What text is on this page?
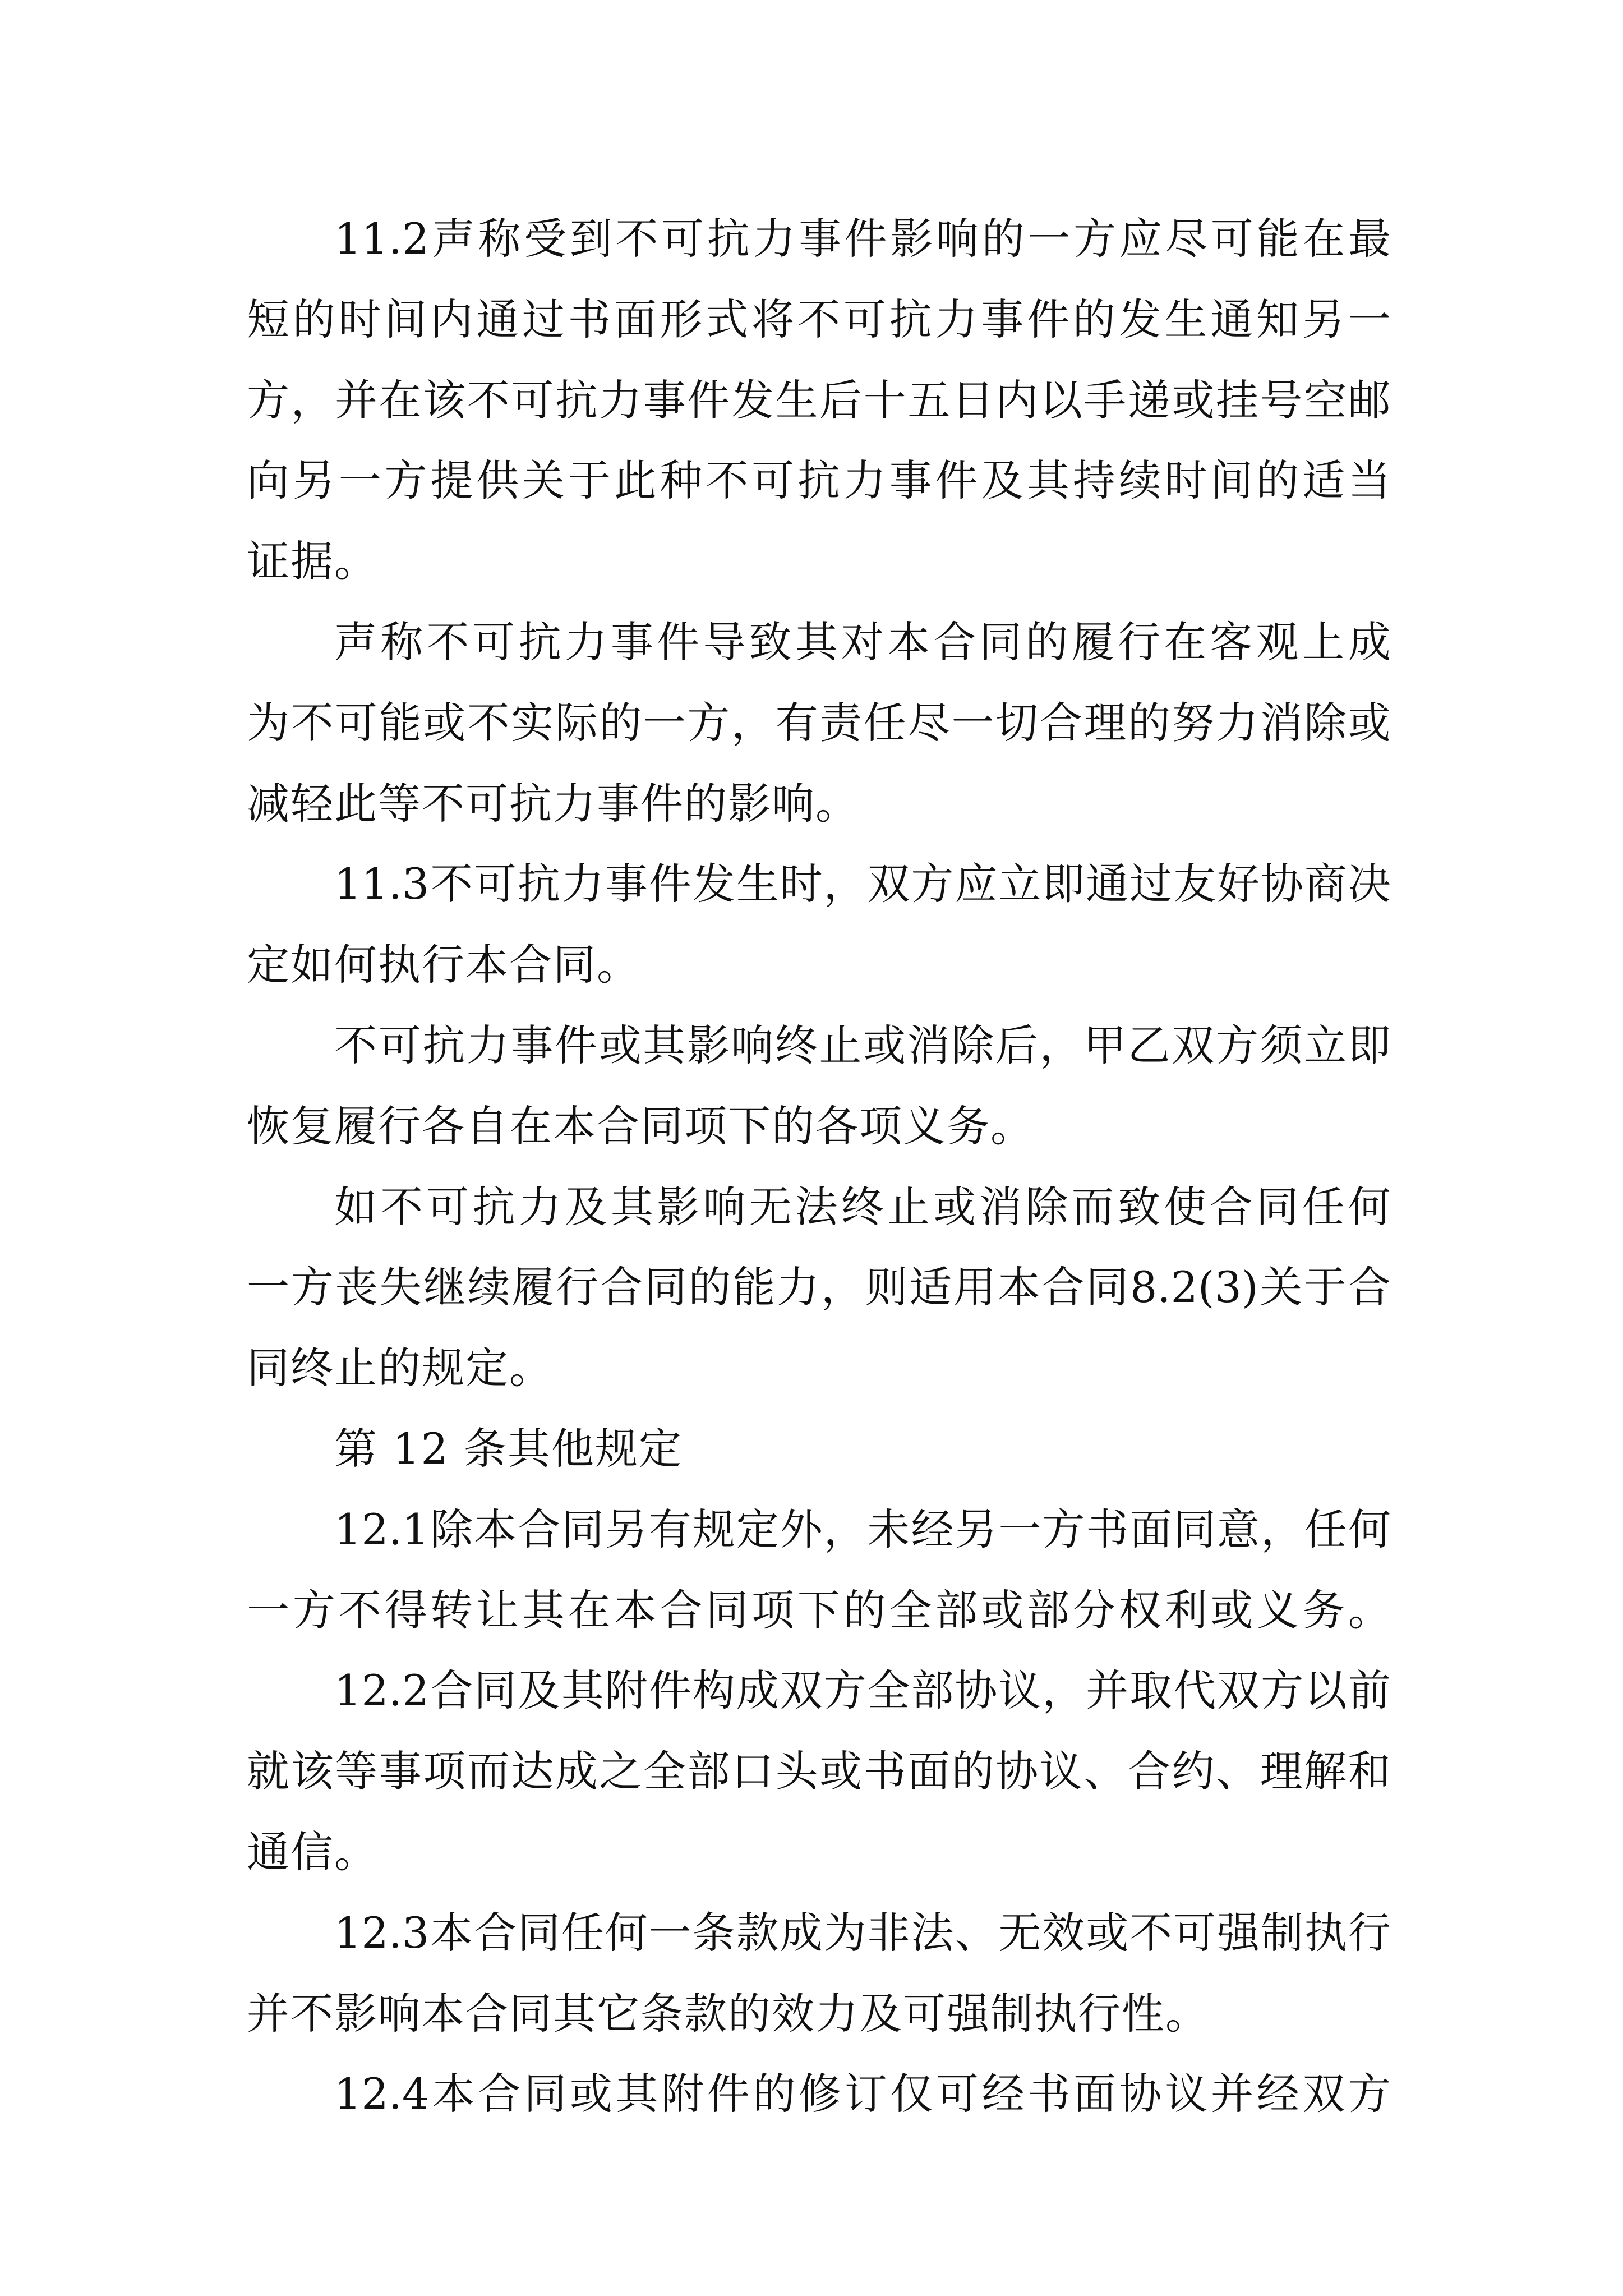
11.2 声 称 受 到 不 可 抗 力 事 件 影 响 的 一 方 应 尽 可 能 在 最
短 的 时 间 内 通 过 书 面 形 式 将 不 可 抗 力 事 件 的 发 生 通 知 另 一
方 ， 并 在 该 不 可 抗 力 事 件 发 生 后 十 五 日 内 以 手 递 或 挂 号 空 邮
向 另 一 方 提 供 关 于 此 种 不 可 抗 力 事 件 及 其 持 续 时 间 的 适 当
证据。
声 称 不 可 抗 力 事 件 导 致 其 对 本 合 同 的 履 行 在 客 观 上 成
为 不 可 能 或 不 实 际 的 一 方 ， 有 责 任 尽 一 切 合 理 的 努 力 消 除 或
减轻此等不可抗力事件的影响。
11.3 不 可 抗 力 事 件 发 生 时 ， 双 方 应 立 即 通 过 友 好 协 商 决
定如何执行本合同。
不 可 抗 力 事 件 或 其 影 响 终 止 或 消 除 后 ， 甲 乙 双 方 须 立 即
恢复履行各自在本合同项下的各项义务。
如 不 可 抗 力 及 其 影 响 无 法 终 止 或 消 除 而 致 使 合 同 任 何
一 方 丧 失 继 续 履 行 合 同 的 能 力 ， 则 适 用 本 合 同 8.2(3) 关 于 合
同终止的规定。
第 12 条其他规定
12.1 除 本 合 同 另 有 规 定 外 ， 未 经 另 一 方 书 面 同 意 ， 任 何
一 方 不 得 转 让 其 在 本 合 同 项 下 的 全 部 或 部 分 权 利 或 义 务 。
12.2 合 同 及 其 附 件 构 成 双 方 全 部 协 议 ， 并 取 代 双 方 以 前
就 该 等 事 项 而 达 成 之 全 部 口 头 或 书 面 的 协 议 、 合 约 、 理 解 和
通信。
12.3 本 合 同 任 何 一 条 款 成 为 非 法 、 无 效 或 不 可 强 制 执 行
并不影响本合同其它条款的效力及可强制执行性。
12.4 本 合 同 或 其 附 件 的 修 订 仅 可 经 书 面 协 议 并 经 双 方
